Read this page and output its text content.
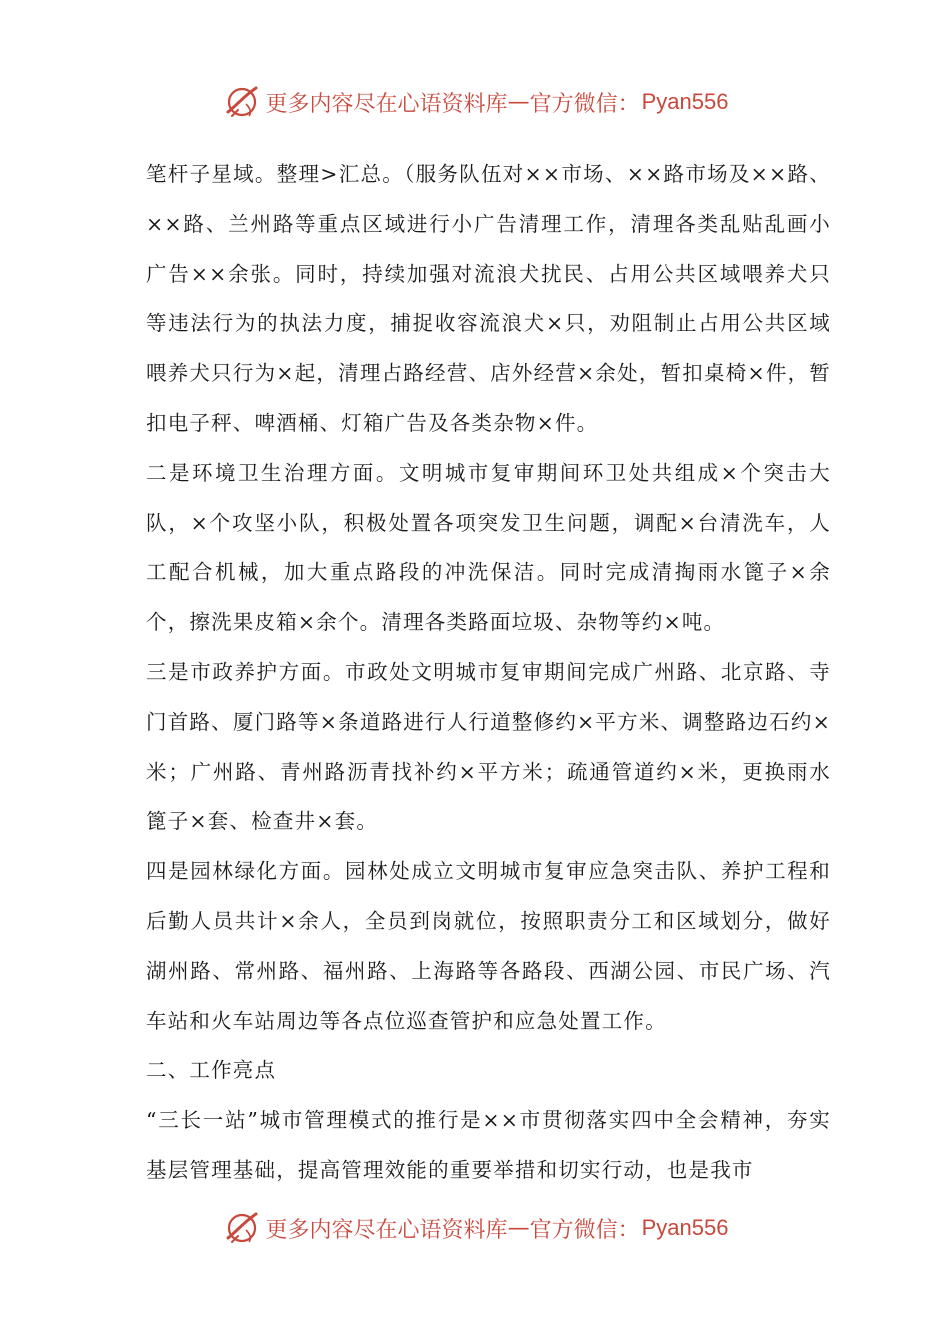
更多内容尽在心语资料库 — 官方微信： Pyan556

笔杆子星域。整理>汇总。（服务队伍对××市场、××路市场及××路、××路、兰州路等重点区域进行小广告清理工作，清理各类乱贴乱画小广告××余张。同时，持续加强对流浪犬扰民、占用公共区域喂养犬只等违法行为的执法力度，捕捉收容流浪犬×只，劝阻制止占用公共区域喂养犬只行为×起，清理占路经营、店外经营×余处，暂扣桌椅×件，暂扣电子秤、啤酒桶、灯箱广告及各类杂物×件。

二是环境卫生治理方面。文明城市复审期间环卫处共组成×个突击大队，×个攻坚小队，积极处置各项突发卫生问题，调配×台清洗车，人工配合机械，加大重点路段的冲洗保洁。同时完成清掏雨水篦子×余个，擦洗果皮箱×余个。清理各类路面垃圾、杂物等约×吨。

三是市政养护方面。市政处文明城市复审期间完成广州路、北京路、寺门首路、厦门路等×条道路进行人行道整修约×平方米、调整路边石约×米；广州路、青州路沥青找补约×平方米；疏通管道约×米，更换雨水篦子×套、检查井×套。

四是园林绿化方面。园林处成立文明城市复审应急突击队、养护工程和后勤人员共计×余人，全员到岗就位，按照职责分工和区域划分，做好湖州路、常州路、福州路、上海路等各路段、西湖公园、市民广场、汽车站和火车站周边等各点位巡查管护和应急处置工作。

二、工作亮点

“三长一站”城市管理模式的推行是××市贯彻落实四中全会精神，夯实基层管理基础，提高管理效能的重要举措和切实行动，也是我市

更多内容尽在心语资料库 — 官方微信： Pyan556
